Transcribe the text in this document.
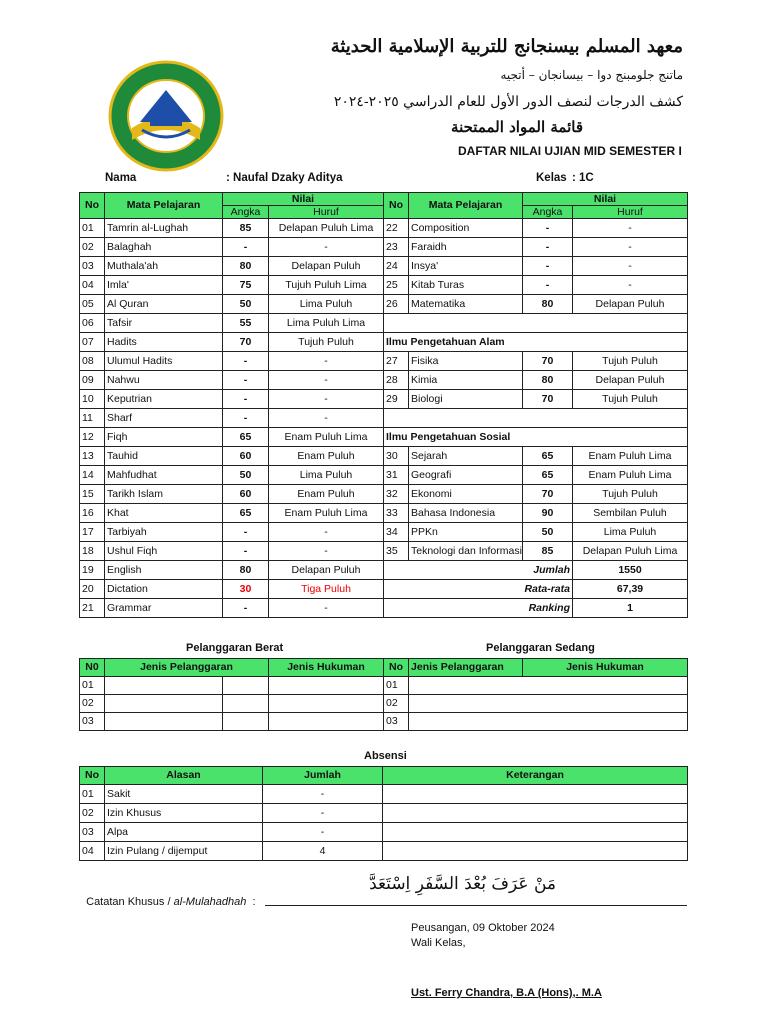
معهد المسلم بيسنجانج للتربية الإسلامية الحديثة
ماتنج جلومبنج دوا – بيسانجان – أتجيه
كشف الدرجات لنصف الدور الأول للعام الدراسي ٢٠٢٥-٢٠٢٤
قائمة المواد الممتحنة
DAFTAR NILAI UJIAN MID SEMESTER I
Nama	: Naufal Dzaky Aditya	Kelas : 1C
No	Mata Pelajaran	Nilai		No	Mata Pelajaran	Nilai	
		Angka	Huruf			Angka	Huruf
01	Tamrin al-Lughah	85	Delapan Puluh Lima	22	Composition	-	-
02	Balaghah	-	-	23	Faraidh	-	-
03	Muthala'ah	80	Delapan Puluh	24	Insya'	-	-
04	Imla'	75	Tujuh Puluh Lima	25	Kitab Turas	-	-
05	Al Quran	50	Lima Puluh	26	Matematika	80	Delapan Puluh
06	Tafsir	55	Lima Puluh Lima				
07	Hadits	70	Tujuh Puluh	Ilmu Pengetahuan Alam			
08	Ulumul Hadits	-	-	27	Fisika	70	Tujuh Puluh
09	Nahwu	-	-	28	Kimia	80	Delapan Puluh
10	Keputrian	-	-	29	Biologi	70	Tujuh Puluh
11	Sharf	-	-				
12	Fiqh	65	Enam Puluh Lima	Ilmu Pengetahuan Sosial			
13	Tauhid	60	Enam Puluh	30	Sejarah	65	Enam Puluh Lima
14	Mahfudhat	50	Lima Puluh	31	Geografi	65	Enam Puluh Lima
15	Tarikh Islam	60	Enam Puluh	32	Ekonomi	70	Tujuh Puluh
16	Khat	65	Enam Puluh Lima	33	Bahasa Indonesia	90	Sembilan Puluh
17	Tarbiyah	-	-	34	PPKn	50	Lima Puluh
18	Ushul Fiqh	-	-	35	Teknologi dan Informasi	85	Delapan Puluh Lima
19	English	80	Delapan Puluh	Jumlah			1550
20	Dictation	30	Tiga Puluh	Rata-rata			67,39
21	Grammar	-	-	Ranking			1
Pelanggaran Berat	Pelanggaran Sedang
N0	Jenis Pelanggaran		Jenis Hukuman	No	Jenis Pelanggaran	Jenis Hukuman
01				01		
02				02		
03				03		
Absensi
No	Alasan	Jumlah	Keterangan
01	Sakit	-	
02	Izin Khusus	-	
03	Alpa	-	
04	Izin Pulang / dijemput	4	

Catatan Khusus / al-Mulahadhah  :

مَنْ عَرَفَ بُعْدَ السَّفَرِ اِسْتَعَدَّ
Peusangan, 09 Oktober 2024
Wali Kelas,
Ust. Ferry Chandra, B.A (Hons),. M.A
